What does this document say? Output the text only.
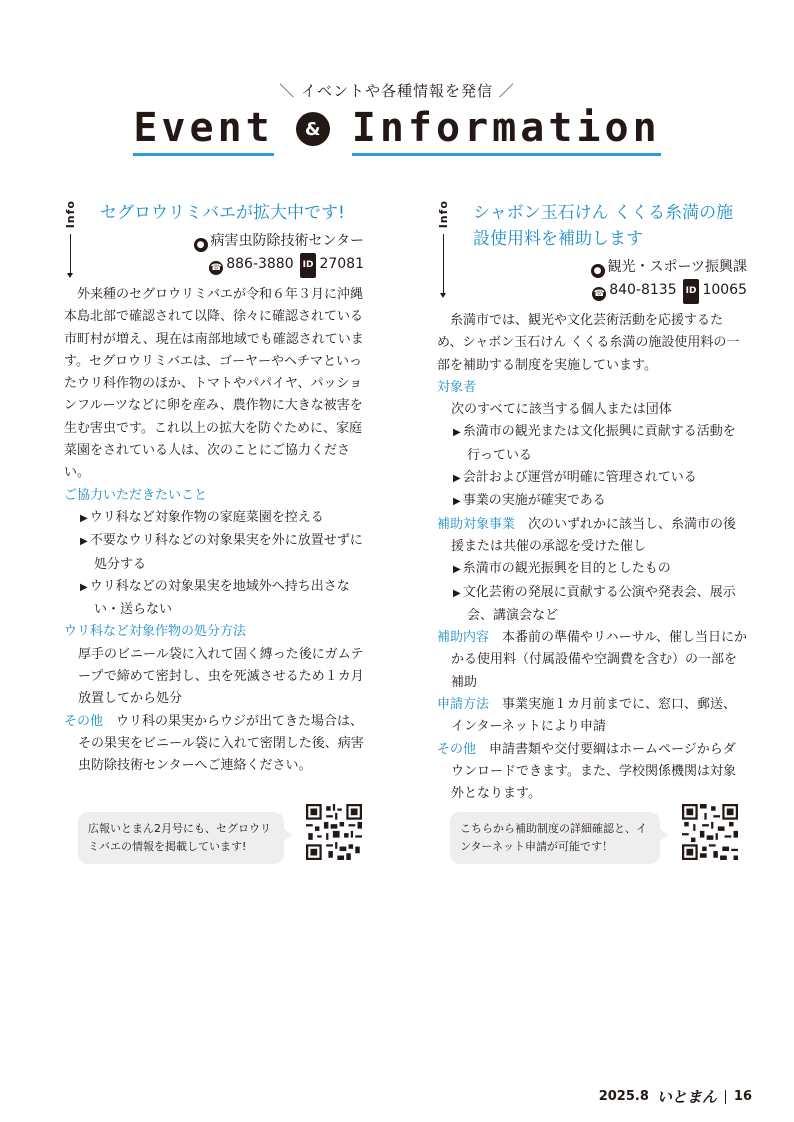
＼ イベントや各種情報を発信 ／
Event	& Information
Info セグロウリミバエが拡大中です!
● 病害虫防除技術センター
☎ 886-3880 ID 27081

外来種のセグロウリミバエが令和６年３月に沖縄本島北部で確認されて以降、徐々に確認されている市町村が増え、現在は南部地域でも確認されています。セグロウリミバエは、ゴーヤーやヘチマといったウリ科作物のほか、トマトやパパイヤ、パッションフルーツなどに卵を産み、農作物に大きな被害を生む害虫です。これ以上の拡大を防ぐために、家庭菜園をされている人は、次のことにご協力ください。

ご協力いただきたいこと

▶ ウリ科など対象作物の家庭菜園を控える

▶ 不要なウリ科などの対象果実を外に放置せずに処分する

▶ ウリ科などの対象果実を地域外へ持ち出さない・送らない

ウリ科など対象作物の処分方法

厚手のビニール袋に入れて固く縛った後にガムテープで締めて密封し、虫を死滅させるため１カ月放置してから処分

その他　 ウリ科の果実からウジが出てきた場合は、その果実をビニール袋に入れて密閉した後、病害虫防除技術センターへご連絡ください。

広報いとまん2月号にも、セグロウリミバエの情報を掲載しています!
Info シャボン玉石けん くくる糸満の施設使用料を補助します
● 観光・スポーツ振興課
☎ 840-8135 ID 10065

糸満市では、観光や文化芸術活動を応援するため、シャボン玉石けん くくる糸満の施設使用料の一部を補助する制度を実施しています。

対象者

次のすべてに該当する個人または団体

▶ 糸満市の観光または文化振興に貢献する活動を行っている

▶ 会計および運営が明確に管理されている

▶ 事業の実施が確実である

補助対象事業　 次のいずれかに該当し、糸満市の後援または共催の承認を受けた催し

▶ 糸満市の観光振興を目的としたもの

▶ 文化芸術の発展に貢献する公演や発表会、展示会、講演会など

補助内容　 本番前の準備やリハーサル、催し当日にかかる使用料（付属設備や空調費を含む）の一部を補助

申請方法　 事業実施１カ月前までに、窓口、郵送、インターネットにより申請

その他　 申請書類や交付要綱はホームページからダウンロードできます。また、学校関係機関は対象外となります。

こちらから補助制度の詳細確認と、インターネット申請が可能です！
2025.8 いとまん 16
